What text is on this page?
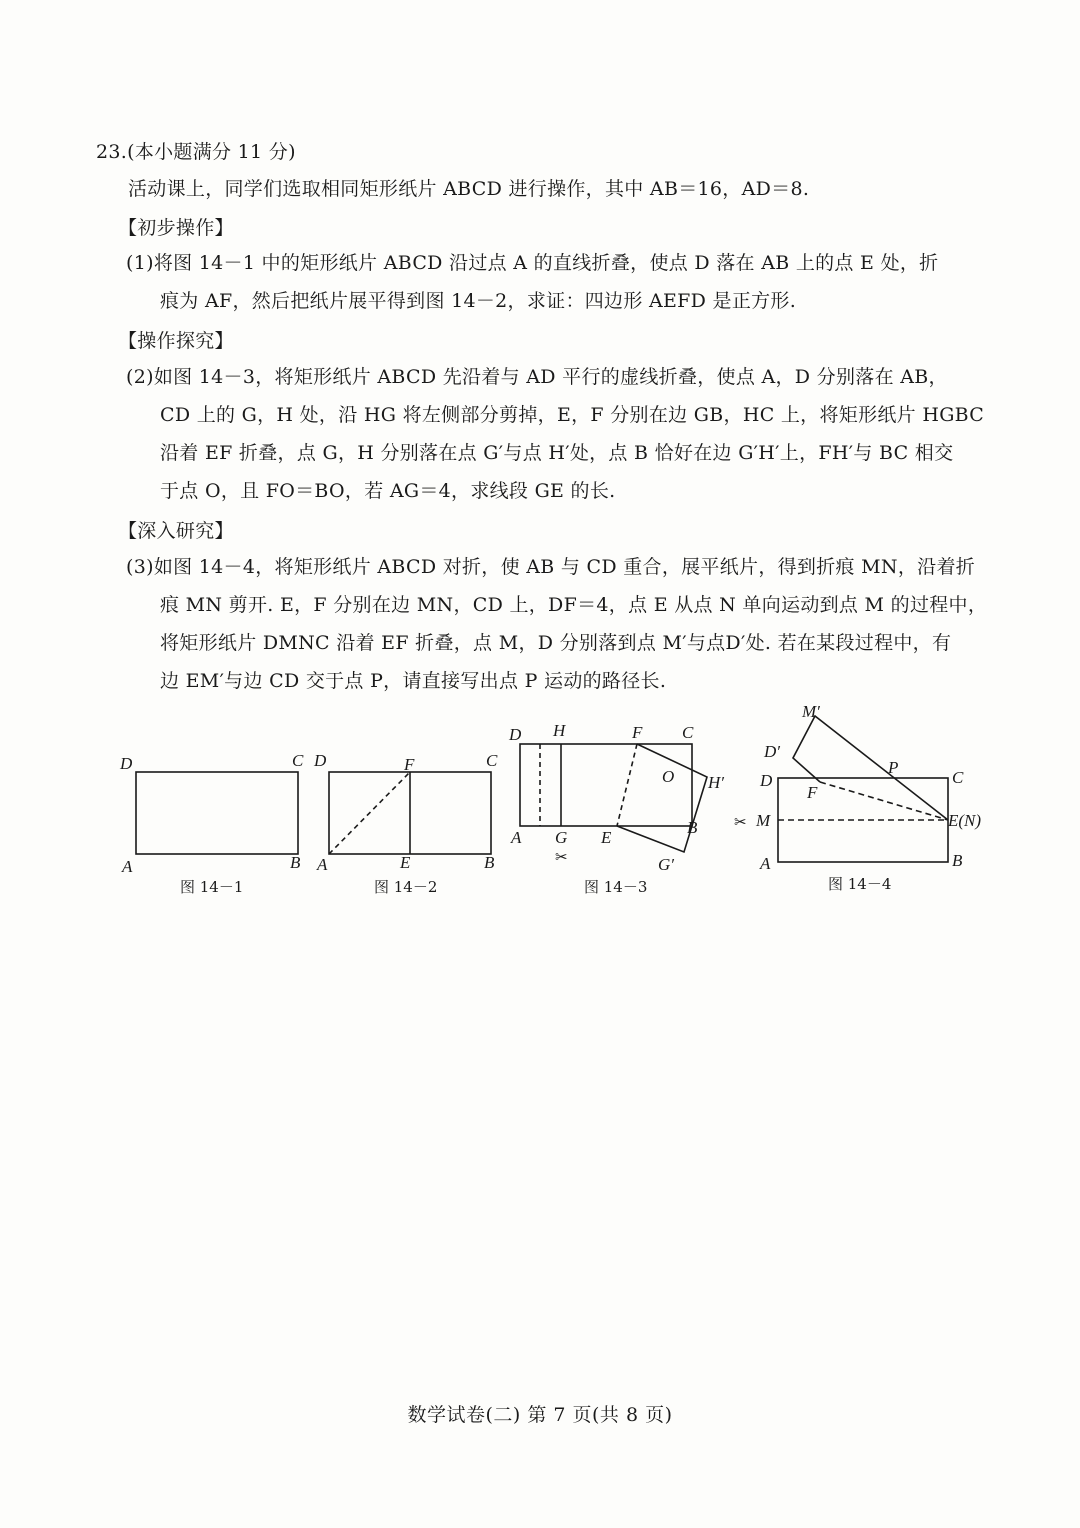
23.(本小题满分 11 分)
活动课上，同学们选取相同矩形纸片 ABCD 进行操作，其中 AB＝16，AD＝8.
【初步操作】
(1)将图 14－1 中的矩形纸片 ABCD 沿过点 A 的直线折叠，使点 D 落在 AB 上的点 E 处，折
痕为 AF，然后把纸片展平得到图 14－2，求证：四边形 AEFD 是正方形.
【操作探究】
(2)如图 14－3，将矩形纸片 ABCD 先沿着与 AD 平行的虚线折叠，使点 A，D 分别落在 AB，
CD 上的 G，H 处，沿 HG 将左侧部分剪掉，E，F 分别在边 GB，HC 上，将矩形纸片 HGBC
沿着 EF 折叠，点 G，H 分别落在点 G′与点 H′处，点 B 恰好在边 G′H′上，FH′与 BC 相交
于点 O，且 FO＝BO，若 AG＝4，求线段 GE 的长.
【深入研究】
(3)如图 14－4，将矩形纸片 ABCD 对折，使 AB 与 CD 重合，展平纸片，得到折痕 MN，沿着折
痕 MN 剪开. E，F 分别在边 MN，CD 上，DF＝4，点 E 从点 N 单向运动到点 M 的过程中，
将矩形纸片 DMNC 沿着 EF 折叠，点 M，D 分别落到点 M′与点D′处. 若在某段过程中，有
边 EM′与边 CD 交于点 P，请直接写出点 P 运动的路径长.
D	C
A	B
图 14－1
D	F	C
A	E	B
图 14－2
D H	F C
O H′
A G E
B
G′
✂
图 14－3
M′
D′
D
P
C
F
✂ M	E(N)
A	B
图 14－4
数学试卷(二) 第 7 页(共 8 页)
